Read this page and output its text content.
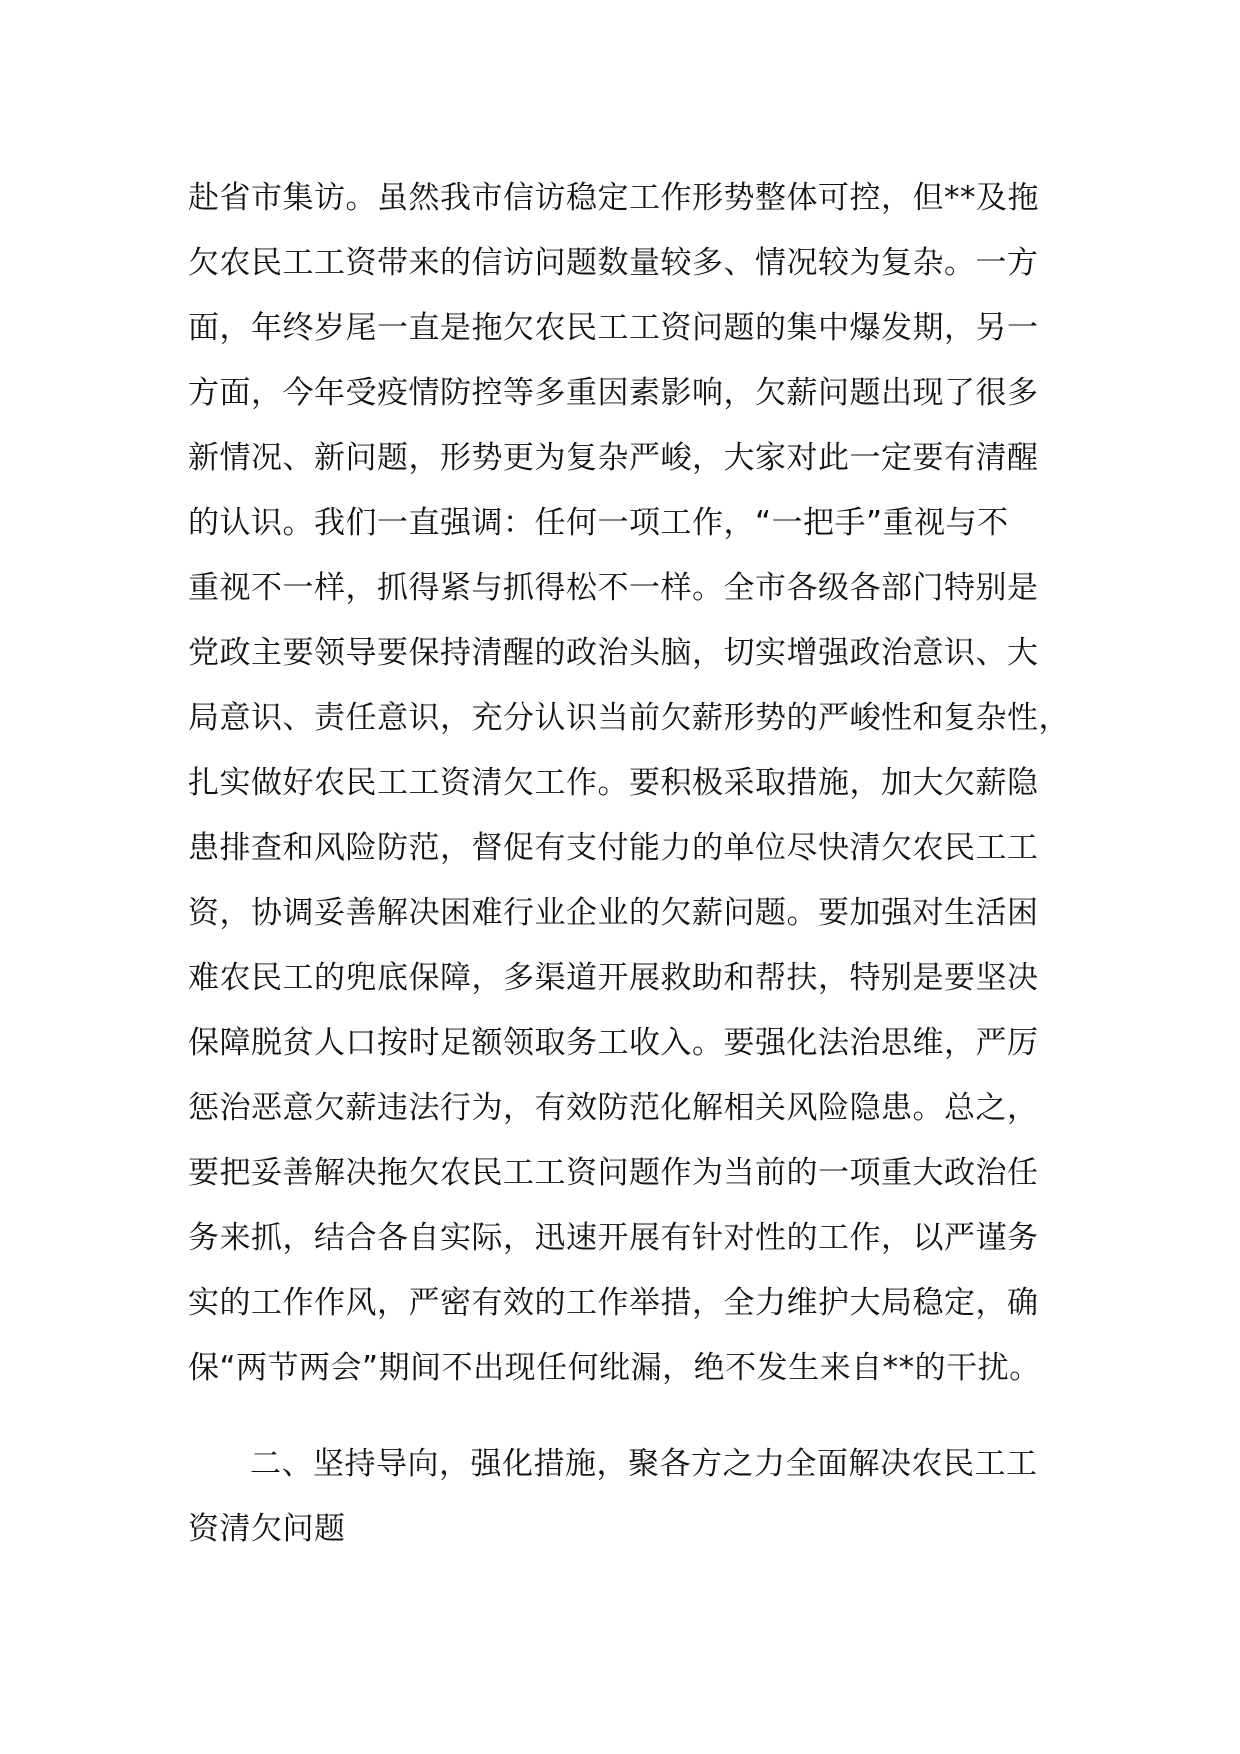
赴省市集访。虽然我市信访稳定工作形势整体可控，但**及拖
欠农民工工资带来的信访问题数量较多、情况较为复杂。一方
面，年终岁尾一直是拖欠农民工工资问题的集中爆发期，另一
方面，今年受疫情防控等多重因素影响，欠薪问题出现了很多
新情况、新问题，形势更为复杂严峻，大家对此一定要有清醒
的认识。我们一直强调：任何一项工作，“一把手”重视与不
重视不一样，抓得紧与抓得松不一样。全市各级各部门特别是
党政主要领导要保持清醒的政治头脑，切实增强政治意识、大
局意识、责任意识，充分认识当前欠薪形势的严峻性和复杂性，
扎实做好农民工工资清欠工作。要积极采取措施，加大欠薪隐
患排查和风险防范，督促有支付能力的单位尽快清欠农民工工
资，协调妥善解决困难行业企业的欠薪问题。要加强对生活困
难农民工的兜底保障，多渠道开展救助和帮扶，特别是要坚决
保障脱贫人口按时足额领取务工收入。要强化法治思维，严厉
惩治恶意欠薪违法行为，有效防范化解相关风险隐患。总之，
要把妥善解决拖欠农民工工资问题作为当前的一项重大政治任
务来抓，结合各自实际，迅速开展有针对性的工作，以严谨务
实的工作作风，严密有效的工作举措，全力维护大局稳定，确
保“两节两会”期间不出现任何纰漏，绝不发生来自**的干扰。
二、坚持导向，强化措施，聚各方之力全面解决农民工工
资清欠问题
